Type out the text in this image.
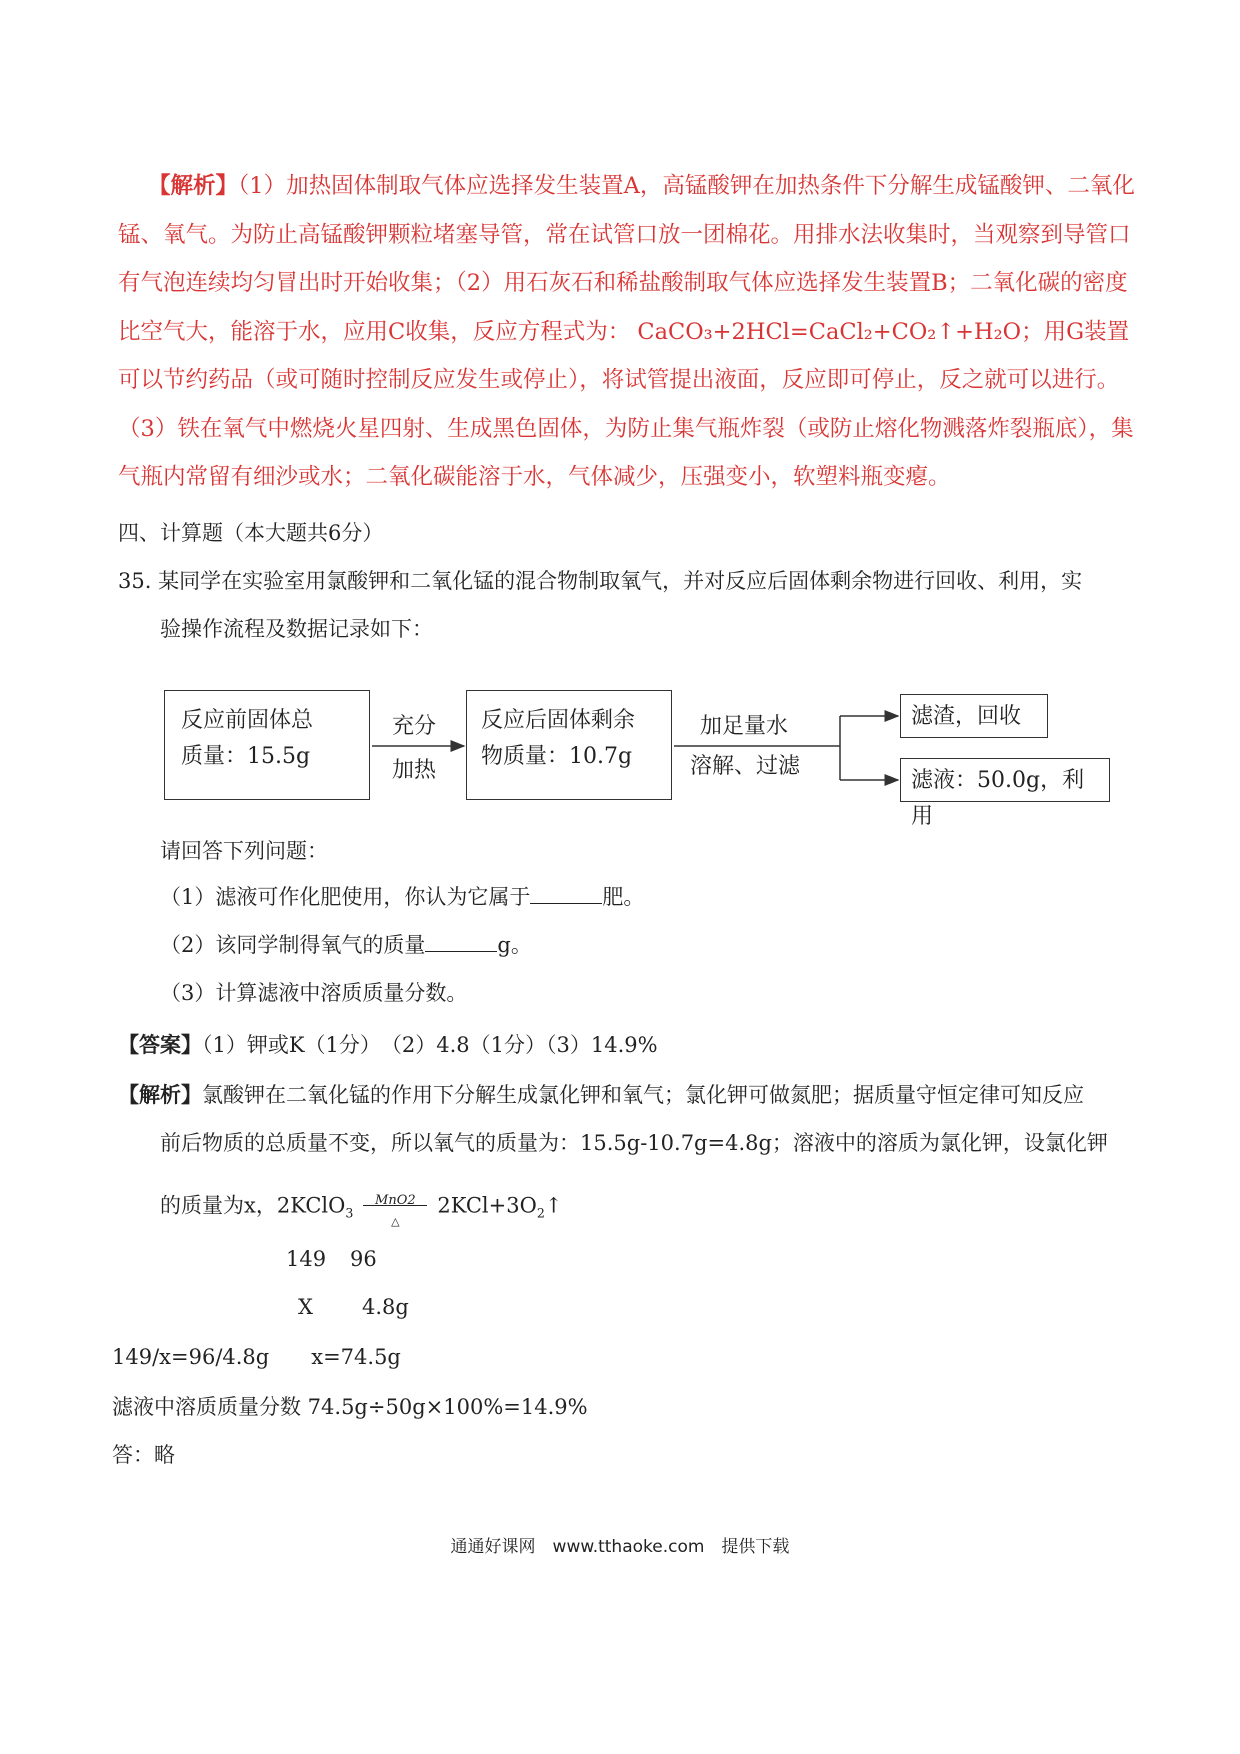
【解析】（1）加热固体制取气体应选择发生装置A，高锰酸钾在加热条件下分解生成锰酸钾、二氧化锰、氧气。为防止高锰酸钾颗粒堵塞导管，常在试管口放一团棉花。用排水法收集时，当观察到导管口有气泡连续均匀冒出时开始收集；（2）用石灰石和稀盐酸制取气体应选择发生装置B；二氧化碳的密度比空气大，能溶于水，应用C收集，反应方程式为： CaCO₃+2HCl=CaCl₂+CO₂↑+H₂O；用G装置可以节约药品（或可随时控制反应发生或停止），将试管提出液面，反应即可停止，反之就可以进行。（3）铁在氧气中燃烧火星四射、生成黑色固体，为防止集气瓶炸裂（或防止熔化物溅落炸裂瓶底），集气瓶内常留有细沙或水；二氧化碳能溶于水，气体减少，压强变小，软塑料瓶变瘪。
四、计算题（本大题共6分）
35. 某同学在实验室用氯酸钾和二氧化锰的混合物制取氧气，并对反应后固体剩余物进行回收、利用，实
验操作流程及数据记录如下：
反应前固体总
质量：15.5g
充分
加热
反应后固体剩余
物质量：10.7g
加足量水
溶解、过滤
滤渣，回收
滤液：50.0g，利用
请回答下列问题：
（1）滤液可作化肥使用，你认为它属于	肥。
（2）该同学制得氧气的质量	g。
（3）计算滤液中溶质质量分数。
【答案】（1）钾或K（1分）　（2）4.8（1分）（3）14.9%
【解析】氯酸钾在二氧化锰的作用下分解生成氯化钾和氧气；氯化钾可做氮肥；据质量守恒定律可知反应
前后物质的总质量不变，所以氧气的质量为：15.5g-10.7g=4.8g；溶液中的溶质为氯化钾，设氯化钾
的质量为x，2KClO$_3$
MnO2
△
$2KCl+3O_2↑$
149 96
X 4.8g
149/x=96/4.8g　　x=74.5g
滤液中溶质质量分数 74.5g÷50g×100%=14.9%
答：略
通通好课网　www.tthaoke.com　提供下载
